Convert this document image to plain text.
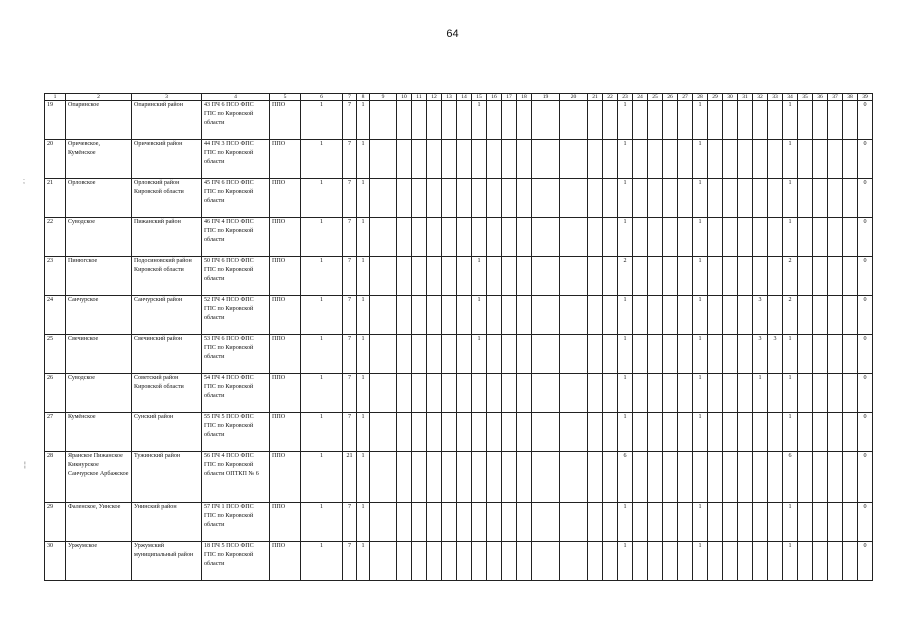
64
;
¦
1	2	3	4	5	6	7	8	9	10	11	12	13	14	15	16	17	18	19	20	21	22	23	24	25	26	27	28	29	30	31	32	33	34	35	36	37	38	39
19	Опаринское	Опаринский район	43 ПЧ 6 ПСО ФПС ГПС по Кировской области	ППО	1	7	1							1								1					1						1					0
20	Оричевское, Кумёнское	Оричевский район	44 ПЧ 3 ПСО ФПС ГПС по Кировской области	ППО	1	7	1															1					1						1					0
21	Орловское	Орловский район Кировской области	45 ПЧ 6 ПСО ФПС ГПС по Кировской области	ППО	1	7	1															1					1						1					0
22	Суводское	Пижанский район	46 ПЧ 4 ПСО ФПС ГПС по Кировской области	ППО	1	7	1															1					1						1					0
23	Пинюгское	Подосиновский район Кировской области	50 ПЧ 6 ПСО ФПС ГПС по Кировской области	ППО	1	7	1							1								2					1						2					0
24	Санчурское	Санчурский район	52 ПЧ 4 ПСО ФПС ГПС по Кировской области	ППО	1	7	1							1								1					1				3		2					0
25	Свечинское	Свечинский район	53 ПЧ 6 ПСО ФПС ГПС по Кировской области	ППО	1	7	1							1								1					1				3	3	1					0
26	Суводское	Советский район Кировской области	54 ПЧ 4 ПСО ФПС ГПС по Кировской области	ППО	1	7	1															1					1				1		1					0
27	Кумёнское	Сунский район	55 ПЧ 5 ПСО ФПС ГПС по Кировской области	ППО	1	7	1															1					1						1					0
28	Яранское Пижанское Кикнурское Санчурское Арбажское	Тужинский район	56 ПЧ 4 ПСО ФПС ГПС по Кировской области ОПТКП № 6	ППО	1	21	1															6											6					0
29	Фаленское, Уинское	Унинский район	57 ПЧ 1 ПСО ФПС ГПС по Кировской области	ППО	1	7	1															1					1						1					0
30	Уржумское	Уржумский муниципальный район	18 ПЧ 5 ПСО ФПС ГПС по Кировской области	ППО	1	7	1															1					1						1					0
